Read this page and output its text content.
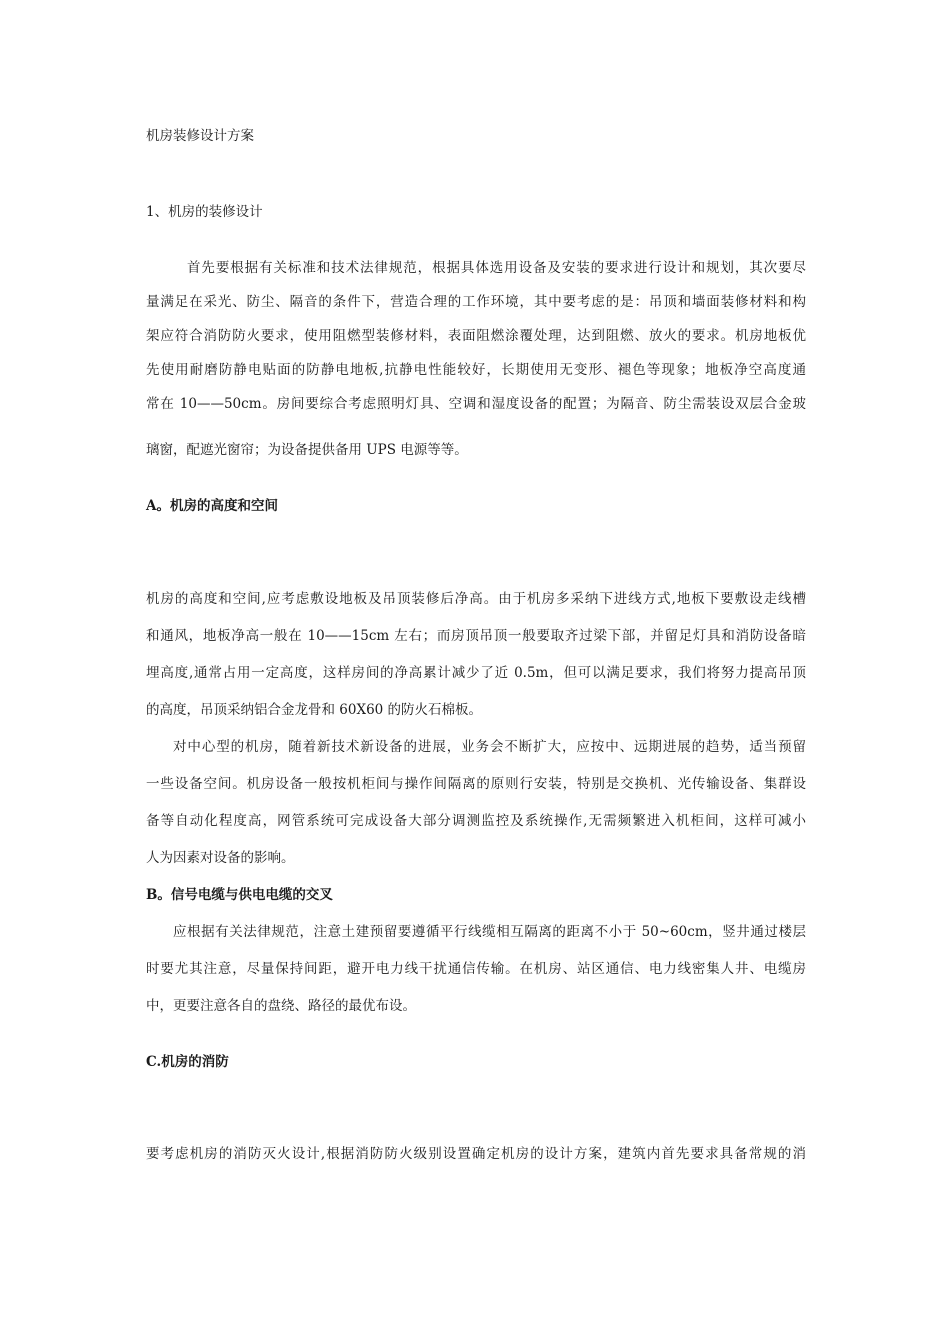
机房装修设计方案
1、机房的装修设计
首先要根据有关标准和技术法律规范，根据具体选用设备及安装的要求进行设计和规划，其次要尽
量满足在采光、防尘、隔音的条件下，营造合理的工作环境，其中要考虑的是：吊顶和墙面装修材料和构
架应符合消防防火要求，使用阻燃型装修材料，表面阻燃涂覆处理，达到阻燃、放火的要求。机房地板优
先使用耐磨防静电贴面的防静电地板,抗静电性能较好，长期使用无变形、褪色等现象；地板净空高度通
常在 10——50cm。房间要综合考虑照明灯具、空调和湿度设备的配置；为隔音、防尘需装设双层合金玻
璃窗，配遮光窗帘；为设备提供备用 UPS 电源等等。
A。机房的高度和空间
机房的高度和空间,应考虑敷设地板及吊顶装修后净高。由于机房多采纳下进线方式,地板下要敷设走线槽
和通风，地板净高一般在 10——15cm 左右；而房顶吊顶一般要取齐过梁下部，并留足灯具和消防设备暗
埋高度,通常占用一定高度，这样房间的净高累计减少了近 0.5m，但可以满足要求，我们将努力提高吊顶
的高度，吊顶采纳铝合金龙骨和 60X60 的防火石棉板。
对中心型的机房，随着新技术新设备的进展，业务会不断扩大，应按中、远期进展的趋势，适当预留
一些设备空间。机房设备一般按机柜间与操作间隔离的原则行安装，特别是交换机、光传输设备、集群设
备等自动化程度高，网管系统可完成设备大部分调测监控及系统操作,无需频繁进入机柜间，这样可减小
人为因素对设备的影响。
B。信号电缆与供电电缆的交叉
应根据有关法律规范，注意土建预留要遵循平行线缆相互隔离的距离不小于 50~60cm，竖井通过楼层
时要尤其注意，尽量保持间距，避开电力线干扰通信传输。在机房、站区通信、电力线密集人井、电缆房
中，更要注意各自的盘绕、路径的最优布设。
C.机房的消防
要考虑机房的消防灭火设计,根据消防防火级别设置确定机房的设计方案，建筑内首先要求具备常规的消
